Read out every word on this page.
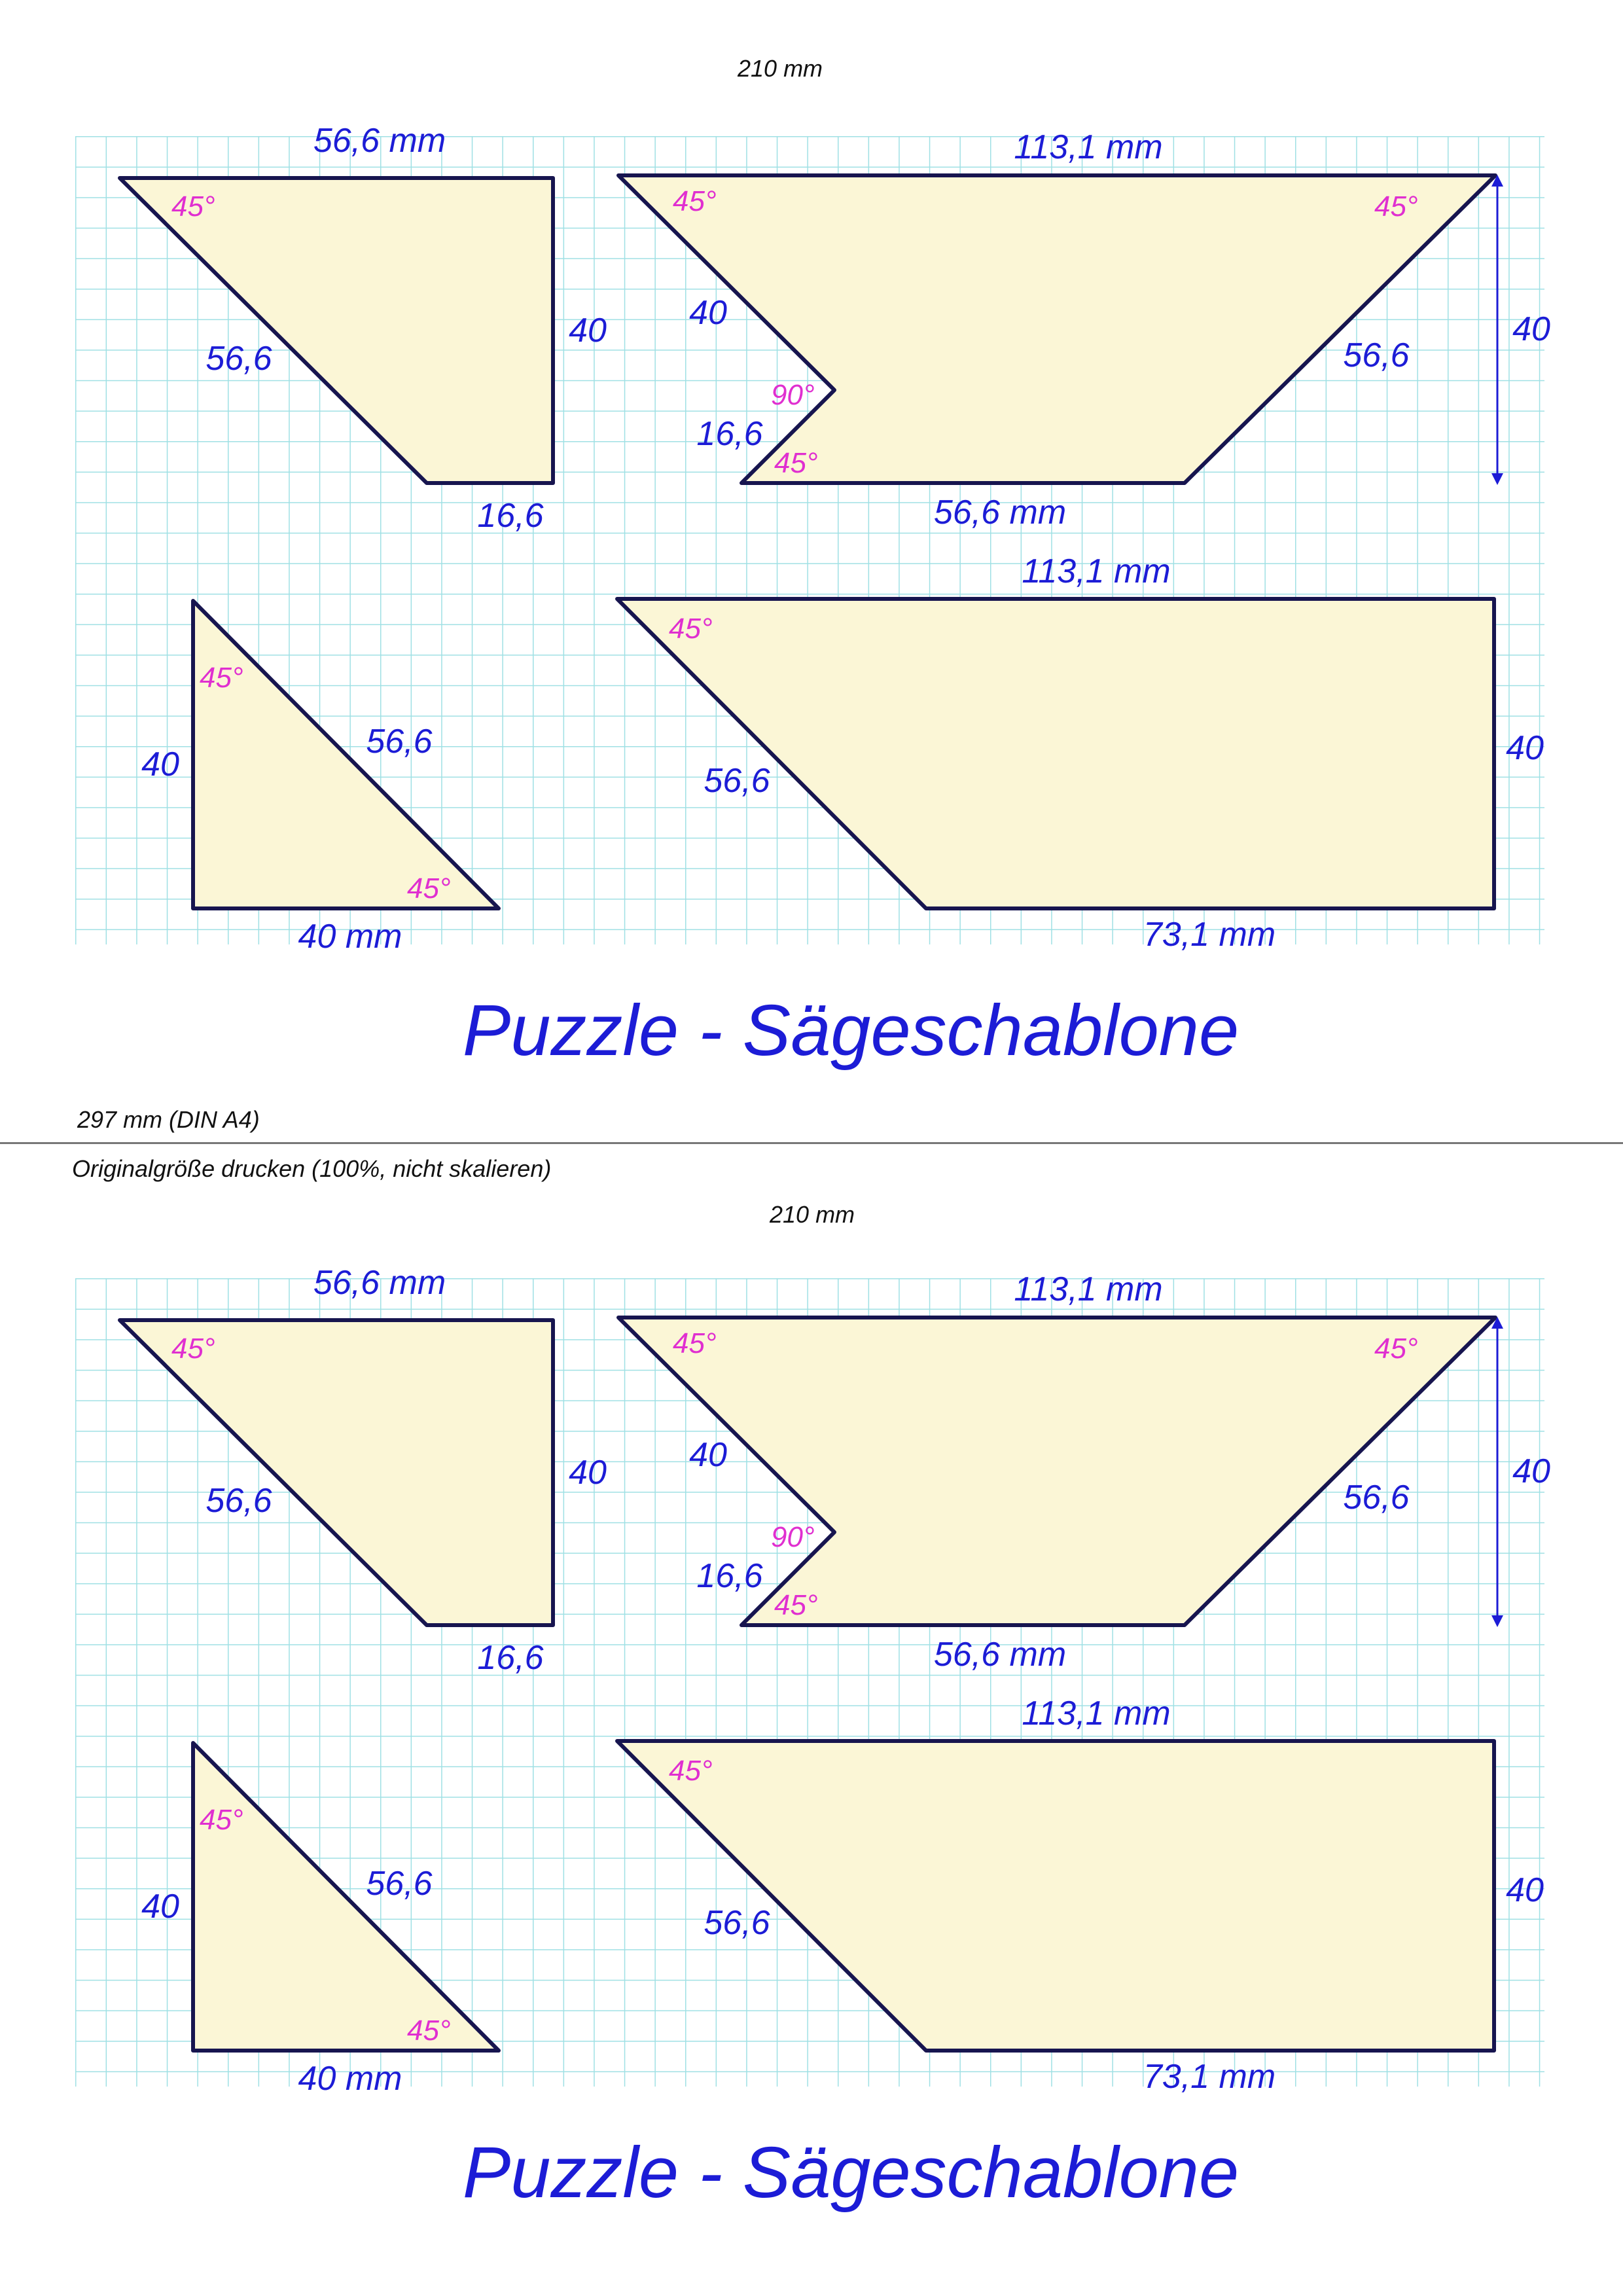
210 mm
56,6 mm
45°
56,6
40
16,6
113,1 mm
45°	45°
40
90°
16,6
45°
56,6
40
56,6 mm
45°
40
56,6
45°
40 mm
113,1 mm
45°
56,6
40
73,1 mm
Puzzle - Sägeschablone
297 mm (DIN A4)
Originalgröße drucken (100%, nicht skalieren)
210 mm
56,6 mm
45°
56,6
40
16,6
113,1 mm
45°	45°
40
90°
16,6
45°
56,6
40
56,6 mm
45°
40
56,6
45°
40 mm
113,1 mm
45°
56,6
40
73,1 mm
Puzzle - Sägeschablone
